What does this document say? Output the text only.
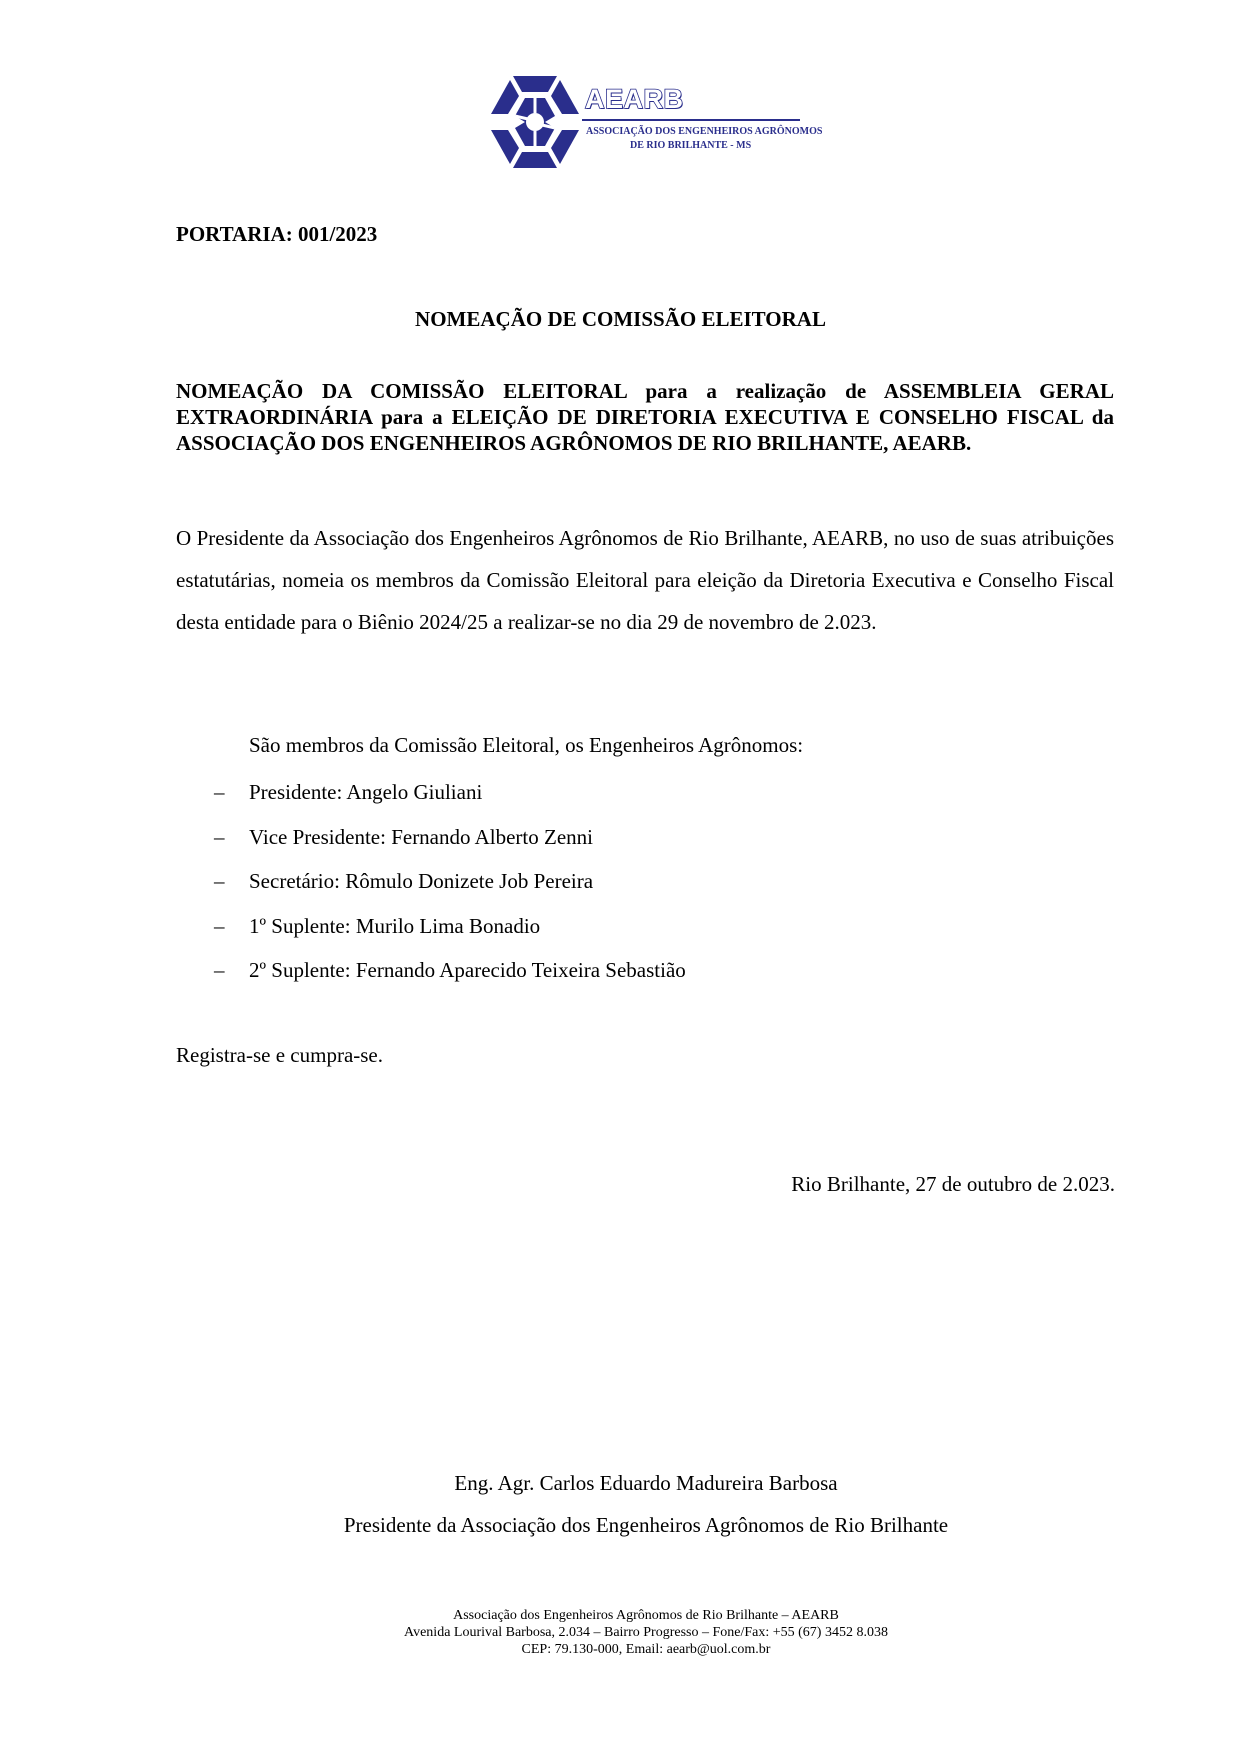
AEARB
ASSOCIAÇÃO DOS ENGENHEIROS AGRÔNOMOS
DE RIO BRILHANTE - MS
PORTARIA: 001/2023
NOMEAÇÃO DE COMISSÃO ELEITORAL
NOMEAÇÃO DA COMISSÃO ELEITORAL para a realização de ASSEMBLEIA GERAL EXTRAORDINÁRIA para a ELEIÇÃO DE DIRETORIA EXECUTIVA E CONSELHO FISCAL da ASSOCIAÇÃO DOS ENGENHEIROS AGRÔNOMOS DE RIO BRILHANTE, AEARB.
O Presidente da Associação dos Engenheiros Agrônomos de Rio Brilhante, AEARB, no uso de suas atribuições estatutárias, nomeia os membros da Comissão Eleitoral para eleição da Diretoria Executiva e Conselho Fiscal desta entidade para o Biênio 2024/25 a realizar-se no dia 29 de novembro de 2.023.
São membros da Comissão Eleitoral, os Engenheiros Agrônomos:
– Presidente: Angelo Giuliani
– Vice Presidente: Fernando Alberto Zenni
– Secretário: Rômulo Donizete Job Pereira
– 1º Suplente: Murilo Lima Bonadio
– 2º Suplente: Fernando Aparecido Teixeira Sebastião
Registra-se e cumpra-se.
Rio Brilhante, 27 de outubro de 2.023.
Eng. Agr. Carlos Eduardo Madureira Barbosa
Presidente da Associação dos Engenheiros Agrônomos de Rio Brilhante
Associação dos Engenheiros Agrônomos de Rio Brilhante – AEARB
Avenida Lourival Barbosa, 2.034 – Bairro Progresso – Fone/Fax: +55 (67) 3452 8.038
CEP: 79.130-000, Email: aearb@uol.com.br
